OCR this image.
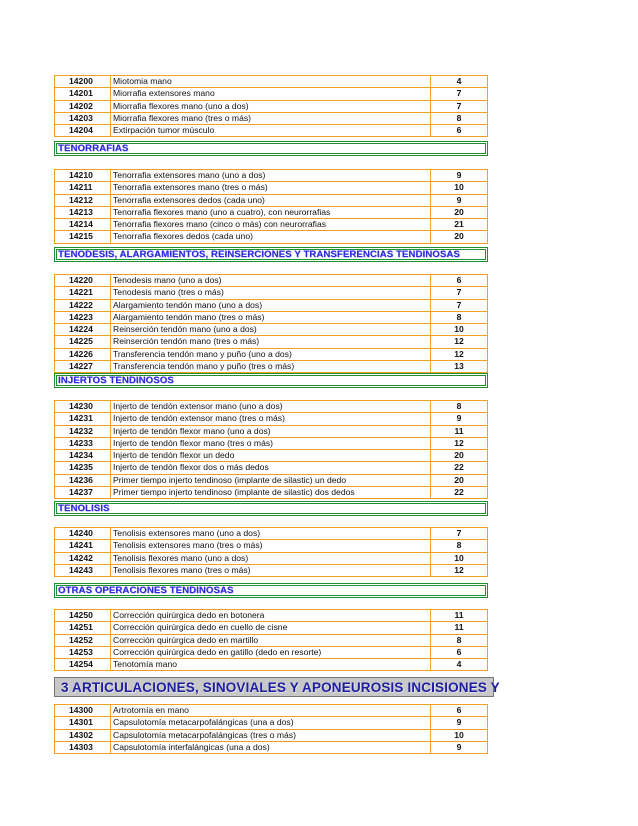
14200	Miotomia mano	4
14201	Miorrafia extensores mano	7
14202	Miorrafia flexores mano (uno a dos)	7
14203	Miorrafia flexores mano (tres o más)	8
14204	Extirpación tumor músculo	6
TENORRAFIAS
14210	Tenorrafia extensores mano (uno a dos)	9
14211	Tenorrafia extensores mano (tres o más)	10
14212	Tenorrafia extensores dedos (cada uno)	9
14213	Tenorrafia flexores mano (uno a cuatro), con neurorrafias	20
14214	Tenorrafia flexores mano (cinco o más) con neurorrafias	21
14215	Tenorrafia flexores dedos (cada uno)	20
TENODESIS, ALARGAMIENTOS, REINSERCIONES Y TRANSFERENCIAS TENDINOSAS
14220	Tenodesis mano (uno a dos)	6
14221	Tenodesis mano (tres o más)	7
14222	Alargamiento tendón mano (uno a dos)	7
14223	Alargamiento tendón mano (tres o más)	8
14224	Reinserción tendón mano (uno a dos)	10
14225	Reinserción tendón mano (tres o más)	12
14226	Transferencia tendón mano y puño (uno a dos)	12
14227	Transferencia tendón mano y puño (tres o más)	13
INJERTOS TENDINOSOS
14230	Injerto de tendón extensor mano (uno a dos)	8
14231	Injerto de tendón extensor mano (tres o más)	9
14232	Injerto de tendón flexor mano (uno a dos)	11
14233	Injerto de tendón flexor mano (tres o más)	12
14234	Injerto de tendón flexor un dedo	20
14235	Injerto de tendón flexor dos o más dedos	22
14236	Primer tiempo injerto tendinoso (implante de silastic) un dedo	20
14237	Primer tiempo injerto tendinoso (implante de silastic) dos dedos	22
TENOLISIS
14240	Tenolisis extensores mano (uno a dos)	7
14241	Tenolisis extensores mano (tres o más)	8
14242	Tenolisis flexores mano (uno a dos)	10
14243	Tenolisis flexores mano (tres o más)	12
OTRAS OPERACIONES TENDINOSAS
14250	Corrección quirúrgica dedo en botonera	11
14251	Corrección quirúrgica dedo en cuello de cisne	11
14252	Corrección quirúrgica dedo en martillo	8
14253	Corrección quirúrgica dedo en gatillo (dedo en resorte)	6
14254	Tenotomía mano	4
3 ARTICULACIONES, SINOVIALES Y APONEUROSIS INCISIONES Y
14300	Artrotomía en mano	6
14301	Capsulotomía metacarpofalángicas (una a dos)	9
14302	Capsulotomía metacarpofalángicas (tres o más)	10
14303	Capsulotomía interfalángicas (una a dos)	9
